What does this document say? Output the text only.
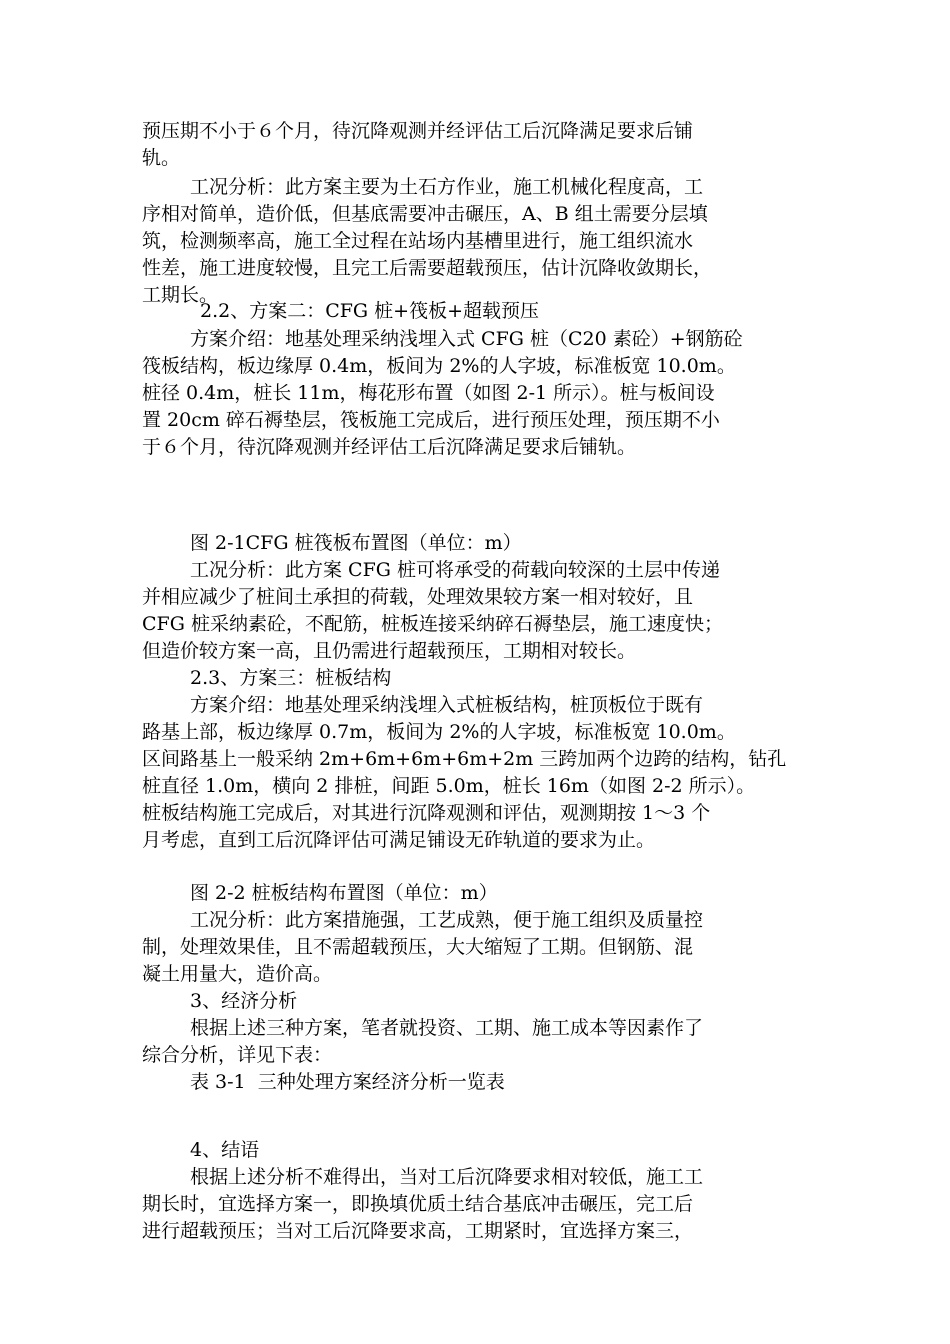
预压期不小于６个月，待沉降观测并经评估工后沉降满足要求后铺
轨。
工况分析：此方案主要为土石方作业，施工机械化程度高，工
序相对简单，造价低，但基底需要冲击碾压，A、B 组土需要分层填
筑，检测频率高，施工全过程在站场内基槽里进行，施工组织流水
性差，施工进度较慢，且完工后需要超载预压，估计沉降收敛期长，
工期长。
2.2、方案二：CFG 桩+筏板+超载预压
方案介绍：地基处理采纳浅埋入式 CFG 桩（C20 素砼）+钢筋砼
筏板结构，板边缘厚 0.4m，板间为 2%的人字坡，标准板宽 10.0m。
桩径 0.4m，桩长 11m，梅花形布置（如图 2-1 所示）。桩与板间设
置 20cm 碎石褥垫层，筏板施工完成后，进行预压处理，预压期不小
于６个月，待沉降观测并经评估工后沉降满足要求后铺轨。
图 2-1CFG 桩筏板布置图（单位：m）
工况分析：此方案 CFG 桩可将承受的荷载向较深的土层中传递
并相应减少了桩间土承担的荷载，处理效果较方案一相对较好，且
CFG 桩采纳素砼，不配筋，桩板连接采纳碎石褥垫层，施工速度快；
但造价较方案一高，且仍需进行超载预压，工期相对较长。
2.3、方案三：桩板结构
方案介绍：地基处理采纳浅埋入式桩板结构，桩顶板位于既有
路基上部，板边缘厚 0.7m，板间为 2%的人字坡，标准板宽 10.0m。
区间路基上一般采纳 2m+6m+6m+6m+2m 三跨加两个边跨的结构，钻孔
桩直径 1.0m，横向 2 排桩，间距 5.0m，桩长 16m（如图 2-2 所示）。
桩板结构施工完成后，对其进行沉降观测和评估，观测期按 1～3 个
月考虑，直到工后沉降评估可满足铺设无砟轨道的要求为止。
图 2-2 桩板结构布置图（单位：m）
工况分析：此方案措施强，工艺成熟，便于施工组织及质量控
制，处理效果佳，且不需超载预压，大大缩短了工期。但钢筋、混
凝土用量大，造价高。
3、经济分析
根据上述三种方案，笔者就投资、工期、施工成本等因素作了
综合分析，详见下表：
表 3-1  三种处理方案经济分析一览表
4、结语
根据上述分析不难得出，当对工后沉降要求相对较低，施工工
期长时，宜选择方案一，即换填优质土结合基底冲击碾压，完工后
进行超载预压；当对工后沉降要求高，工期紧时，宜选择方案三，
